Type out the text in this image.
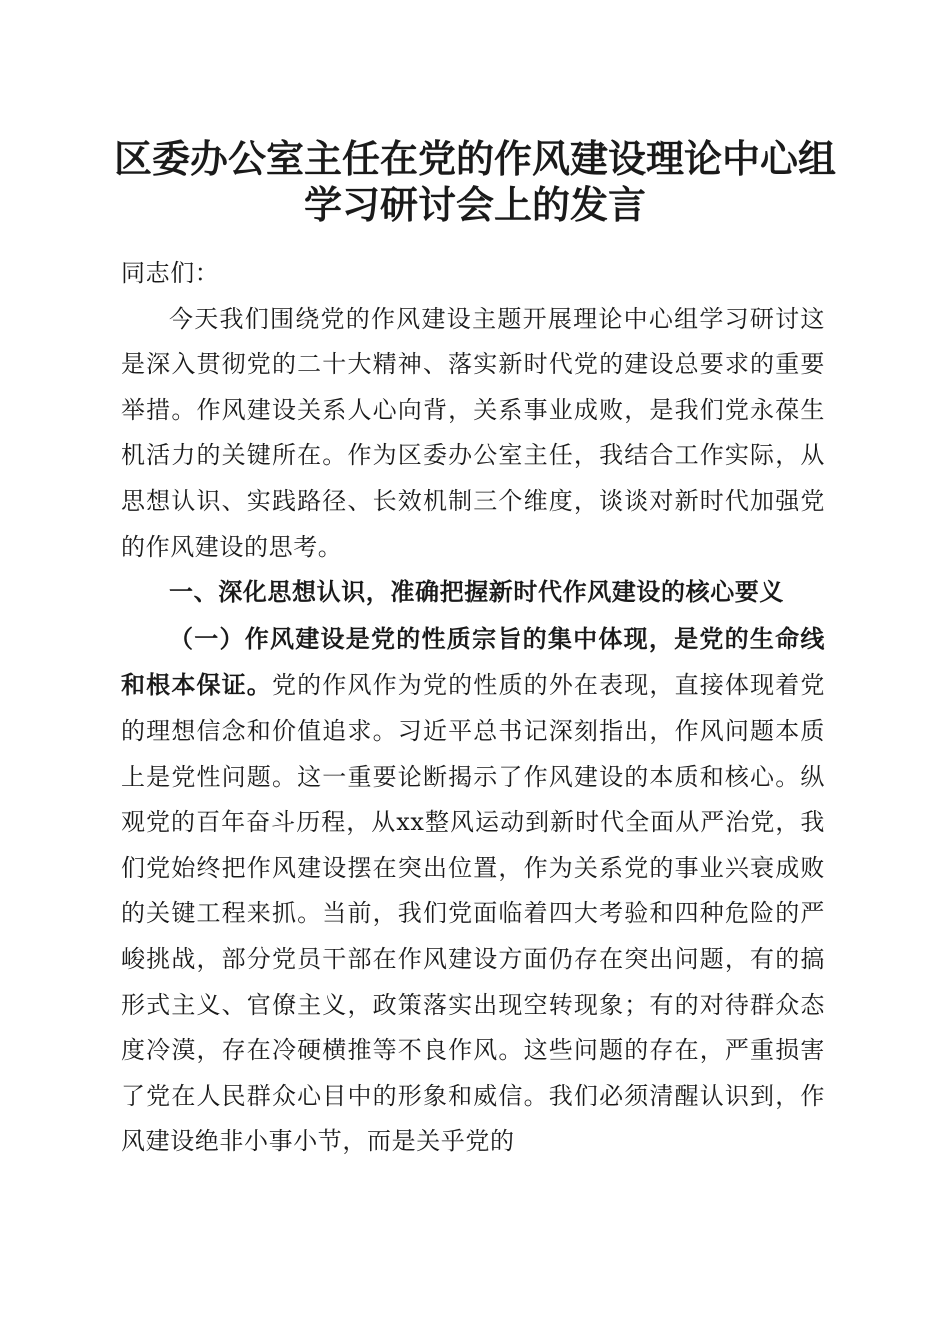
区委办公室主任在党的作风建设理论中心组学习研讨会上的发言

同志们：

今天我们围绕党的作风建设主题开展理论中心组学习研讨这是深入贯彻党的二十大精神、落实新时代党的建设总要求的重要举措。作风建设关系人心向背，关系事业成败，是我们党永葆生机活力的关键所在。作为区委办公室主任，我结合工作实际，从思想认识、实践路径、长效机制三个维度，谈谈对新时代加强党的作风建设的思考。

一、深化思想认识，准确把握新时代作风建设的核心要义

（一）作风建设是党的性质宗旨的集中体现，是党的生命线和根本保证。党的作风作为党的性质的外在表现，直接体现着党的理想信念和价值追求。习近平总书记深刻指出，作风问题本质上是党性问题。这一重要论断揭示了作风建设的本质和核心。纵观党的百年奋斗历程，从xx整风运动到新时代全面从严治党，我们党始终把作风建设摆在突出位置，作为关系党的事业兴衰成败的关键工程来抓。当前，我们党面临着四大考验和四种危险的严峻挑战，部分党员干部在作风建设方面仍存在突出问题，有的搞形式主义、官僚主义，政策落实出现空转现象；有的对待群众态度冷漠，存在冷硬横推等不良作风。这些问题的存在，严重损害了党在人民群众心目中的形象和威信。我们必须清醒认识到，作风建设绝非小事小节，而是关乎党的
